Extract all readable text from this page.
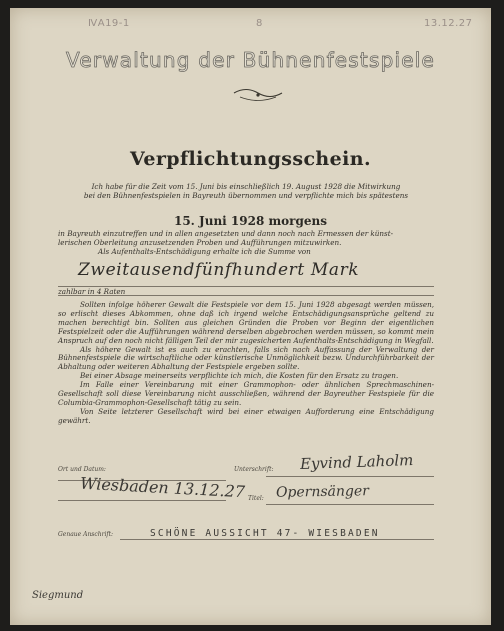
ⅣA19-1	8	13.12.27
Verwaltung der Bühnenfestspiele
Verpflichtungsschein.

Ich habe für die Zeit vom 15. Juni bis einschließlich 19. August 1928 die Mitwirkung

bei den Bühnenfestspielen in Bayreuth übernommen und verpflichte mich bis spätestens

15. Juni 1928 morgens

in Bayreuth einzutreffen und in allen angesetzten und dann noch nach Ermessen der künst-

lerischen Oberleitung anzusetzenden Proben und Aufführungen mitzuwirken.

Als Aufenthalts-Entschädigung erhalte ich die Summe von

Zweitausendfünfhundert Mark

zahlbar in 4 Raten

Sollten infolge höherer Gewalt die Festspiele vor dem 15. Juni 1928 abgesagt werden müssen, so erlischt dieses Abkommen, ohne daß ich irgend welche Entschädigungsansprüche geltend zu machen berechtigt bin. Sollten aus gleichen Gründen die Proben vor Beginn der eigentlichen Festspielzeit oder die Aufführungen während derselben abgebrochen werden müssen, so kommt mein Anspruch auf den noch nicht fälligen Teil der mir zugesicherten Aufenthalts-Entschädigung in Wegfall.

Als höhere Gewalt ist es auch zu erachten, falls sich nach Auffassung der Verwaltung der Bühnenfestspiele die wirtschaftliche oder künstlerische Unmöglichkeit bezw. Undurchführbarkeit der Abhaltung oder weiteren Abhaltung der Festspiele ergeben sollte.

Bei einer Absage meinerseits verpflichte ich mich, die Kosten für den Ersatz zu tragen.

Im Falle einer Vereinbarung mit einer Grammophon- oder ähnlichen Sprechmaschinen-Gesellschaft soll diese Vereinbarung nicht ausschließen, während der Bayreuther Festspiele für die Columbia-Grammophon-Gesellschaft tätig zu sein.

Von Seite letzterer Gesellschaft wird bei einer etwaigen Aufforderung eine Entschädigung gewährt.

Ort und Datum:
Wiesbaden 13.12.27
Unterschrift: Eyvind Laholm
Titel: Opernsänger
Genaue Anschrift:	SCHÖNE AUSSICHT 47- WIESBADEN
Siegmund
